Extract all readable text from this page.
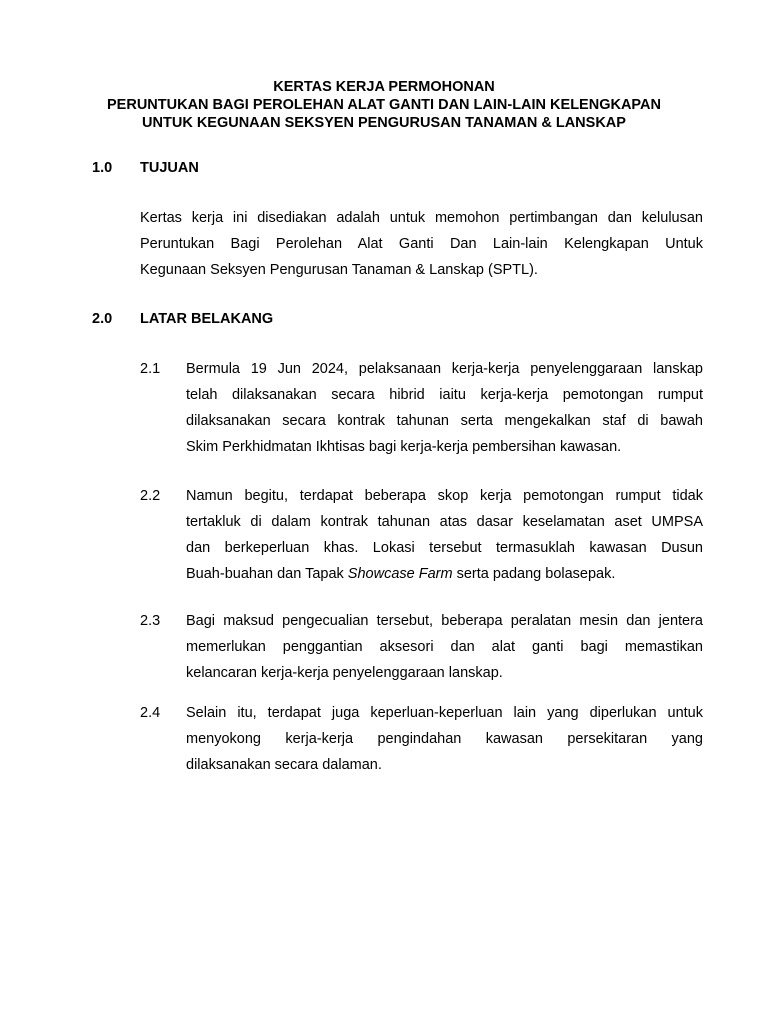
KERTAS KERJA PERMOHONAN
PERUNTUKAN BAGI PEROLEHAN ALAT GANTI DAN LAIN-LAIN KELENGKAPAN
UNTUK KEGUNAAN SEKSYEN PENGURUSAN TANAMAN & LANSKAP
1.0 TUJUAN
Kertas kerja ini disediakan adalah untuk memohon pertimbangan dan kelulusan
Peruntukan Bagi Perolehan Alat Ganti Dan Lain-lain Kelengkapan Untuk
Kegunaan Seksyen Pengurusan Tanaman & Lanskap (SPTL).
2.0 LATAR BELAKANG
2.1	Bermula 19 Jun 2024, pelaksanaan kerja-kerja penyelenggaraan lanskap
telah dilaksanakan secara hibrid iaitu kerja-kerja pemotongan rumput
dilaksanakan secara kontrak tahunan serta mengekalkan staf di bawah
Skim Perkhidmatan Ikhtisas bagi kerja-kerja pembersihan kawasan.
2.2	Namun begitu, terdapat beberapa skop kerja pemotongan rumput tidak
tertakluk di dalam kontrak tahunan atas dasar keselamatan aset UMPSA
dan berkeperluan khas. Lokasi tersebut termasuklah kawasan Dusun
Buah-buahan dan Tapak Showcase Farm serta padang bolasepak.
2.3	Bagi maksud pengecualian tersebut, beberapa peralatan mesin dan jentera
memerlukan penggantian aksesori dan alat ganti bagi memastikan
kelancaran kerja-kerja penyelenggaraan lanskap.
2.4	Selain itu, terdapat juga keperluan-keperluan lain yang diperlukan untuk
menyokong kerja-kerja pengindahan kawasan persekitaran yang
dilaksanakan secara dalaman.
